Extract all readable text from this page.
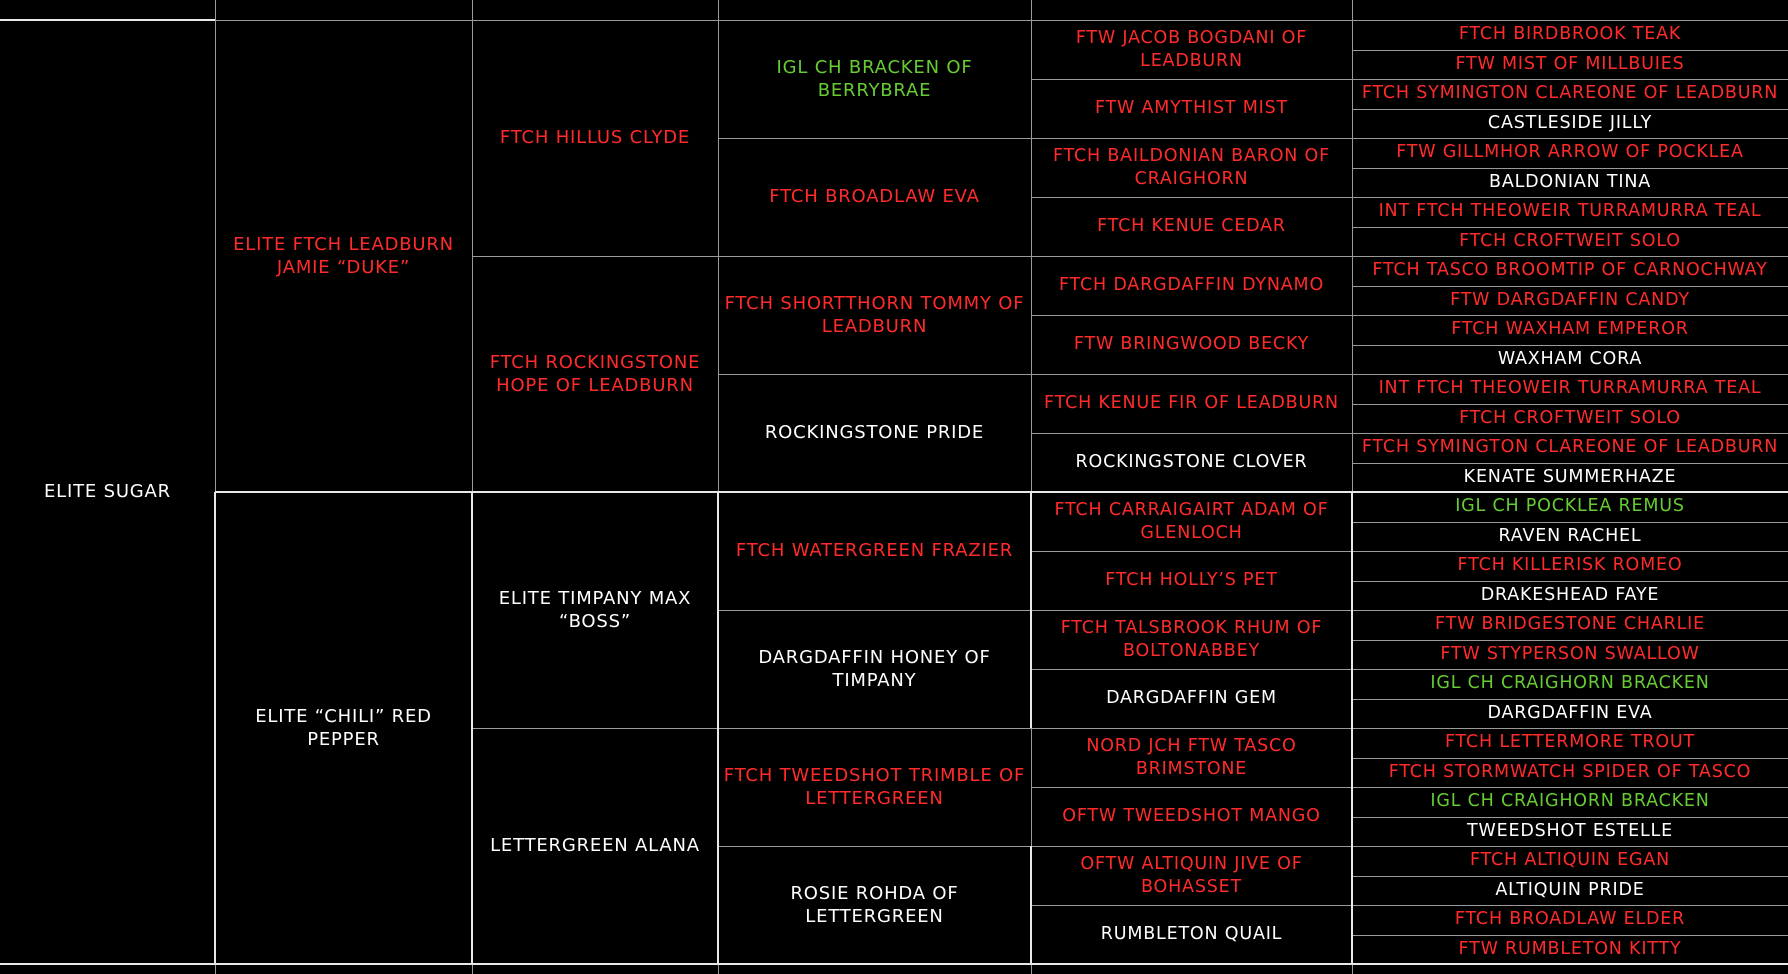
ELITE SUGAR
ELITE FTCH LEADBURN JAMIE “DUKE”
ELITE “CHILI” RED PEPPER
FTCH HILLUS CLYDE
FTCH ROCKINGSTONE HOPE OF LEADBURN
ELITE TIMPANY MAX “BOSS”
LETTERGREEN ALANA
IGL CH BRACKEN OF BERRYBRAE
FTCH BROADLAW EVA
FTCH SHORTTHORN TOMMY OF LEADBURN
ROCKINGSTONE PRIDE
FTCH WATERGREEN FRAZIER
DARGDAFFIN HONEY OF TIMPANY
FTCH TWEEDSHOT TRIMBLE OF LETTERGREEN
ROSIE ROHDA OF LETTERGREEN
FTW JACOB BOGDANI OF LEADBURN
FTW AMYTHIST MIST
FTCH BAILDONIAN BARON OF CRAIGHORN
FTCH KENUE CEDAR
FTCH DARGDAFFIN DYNAMO
FTW BRINGWOOD BECKY
FTCH KENUE FIR OF LEADBURN
ROCKINGSTONE CLOVER
FTCH CARRAIGAIRT ADAM OF GLENLOCH
FTCH HOLLY’S PET
FTCH TALSBROOK RHUM OF BOLTONABBEY
DARGDAFFIN GEM
NORD JCH FTW TASCO BRIMSTONE
OFTW TWEEDSHOT MANGO
OFTW ALTIQUIN JIVE OF BOHASSET
RUMBLETON QUAIL
FTCH BIRDBROOK TEAK
FTW MIST OF MILLBUIES
FTCH SYMINGTON CLAREONE OF LEADBURN
CASTLESIDE JILLY
FTW GILLMHOR ARROW OF POCKLEA
BALDONIAN TINA
INT FTCH THEOWEIR TURRAMURRA TEAL
FTCH CROFTWEIT SOLO
FTCH TASCO BROOMTIP OF CARNOCHWAY
FTW DARGDAFFIN CANDY
FTCH WAXHAM EMPEROR
WAXHAM CORA
INT FTCH THEOWEIR TURRAMURRA TEAL
FTCH CROFTWEIT SOLO
FTCH SYMINGTON CLAREONE OF LEADBURN
KENATE SUMMERHAZE
IGL CH POCKLEA REMUS
RAVEN RACHEL
FTCH KILLERISK ROMEO
DRAKESHEAD FAYE
FTW BRIDGESTONE CHARLIE
FTW STYPERSON SWALLOW
IGL CH CRAIGHORN BRACKEN
DARGDAFFIN EVA
FTCH LETTERMORE TROUT
FTCH STORMWATCH SPIDER OF TASCO
IGL CH CRAIGHORN BRACKEN
TWEEDSHOT ESTELLE
FTCH ALTIQUIN EGAN
ALTIQUIN PRIDE
FTCH BROADLAW ELDER
FTW RUMBLETON KITTY
